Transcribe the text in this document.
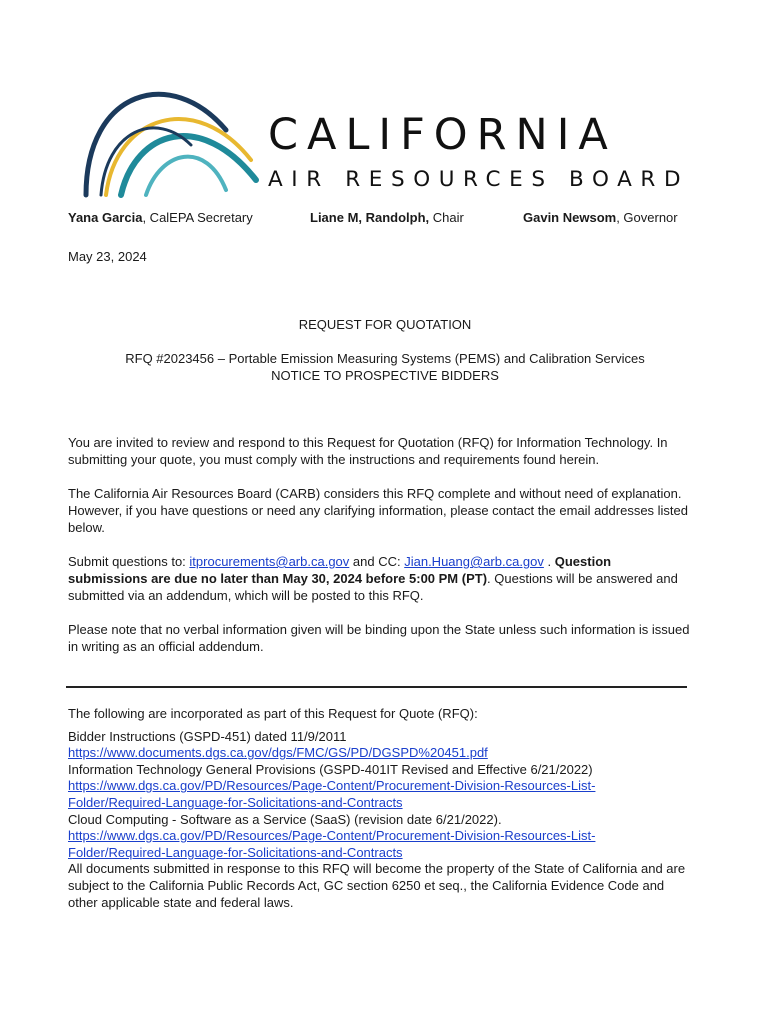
CALIFORNIA
AIR RESOURCES BOARD
Yana Garcia, CalEPA Secretary	Liane M, Randolph, Chair	Gavin Newsom, Governor
May 23, 2024
REQUEST FOR QUOTATION
RFQ #2023456 – Portable Emission Measuring Systems (PEMS) and Calibration Services
NOTICE TO PROSPECTIVE BIDDERS

You are invited to review and respond to this Request for Quotation (RFQ) for Information Technology. In submitting your quote, you must comply with the instructions and requirements found herein.

The California Air Resources Board (CARB) considers this RFQ complete and without need of explanation. However, if you have questions or need any clarifying information, please contact the email addresses listed below.

Submit questions to: itprocurements@arb.ca.gov and CC: Jian.Huang@arb.ca.gov . Question submissions are due no later than May 30, 2024 before 5:00 PM (PT). Questions will be answered and submitted via an addendum, which will be posted to this RFQ.

Please note that no verbal information given will be binding upon the State unless such information is issued in writing as an official addendum.

The following are incorporated as part of this Request for Quote (RFQ):
Bidder Instructions (GSPD-451) dated 11/9/2011
https://www.documents.dgs.ca.gov/dgs/FMC/GS/PD/DGSPD%20451.pdf
Information Technology General Provisions (GSPD-401IT Revised and Effective 6/21/2022)
https://www.dgs.ca.gov/PD/Resources/Page-Content/Procurement-Division-Resources-List-
Folder/Required-Language-for-Solicitations-and-Contracts
Cloud Computing - Software as a Service (SaaS) (revision date 6/21/2022).
https://www.dgs.ca.gov/PD/Resources/Page-Content/Procurement-Division-Resources-List-
Folder/Required-Language-for-Solicitations-and-Contracts
All documents submitted in response to this RFQ will become the property of the State of California and are subject to the California Public Records Act, GC section 6250 et seq., the California Evidence Code and other applicable state and federal laws.
